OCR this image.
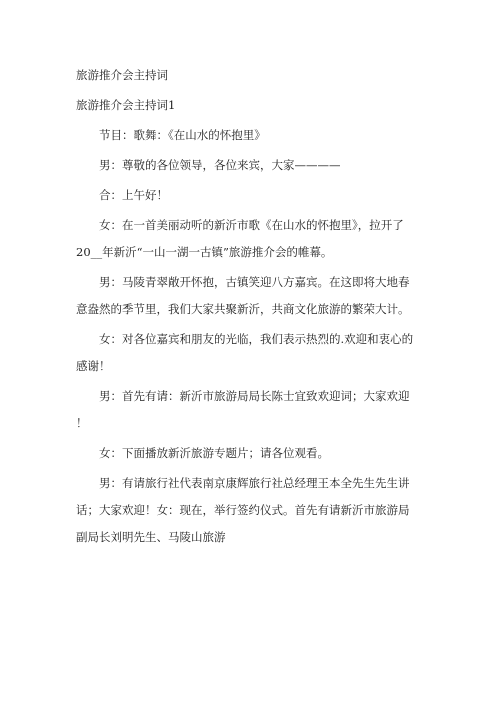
旅游推介会主持词

旅游推介会主持词1

节目：歌舞：《在山水的怀抱里》

男：尊敬的各位领导，各位来宾，大家————

合：上午好！

女：在一首美丽动听的新沂市歌《在山水的怀抱里》，拉开了

20__年新沂“一山一湖一古镇”旅游推介会的帷幕。

男：马陵青翠敞开怀抱，古镇笑迎八方嘉宾。在这即将大地春

意盎然的季节里，我们大家共聚新沂，共商文化旅游的繁荣大计。

女：对各位嘉宾和朋友的光临，我们表示热烈的.欢迎和衷心的

感谢！

男：首先有请：新沂市旅游局局长陈士宜致欢迎词；大家欢迎

！

女：下面播放新沂旅游专题片；请各位观看。

男：有请旅行社代表南京康辉旅行社总经理王本全先生先生讲

话；大家欢迎！女：现在，举行签约仪式。首先有请新沂市旅游局

副局长刘明先生、马陵山旅游
